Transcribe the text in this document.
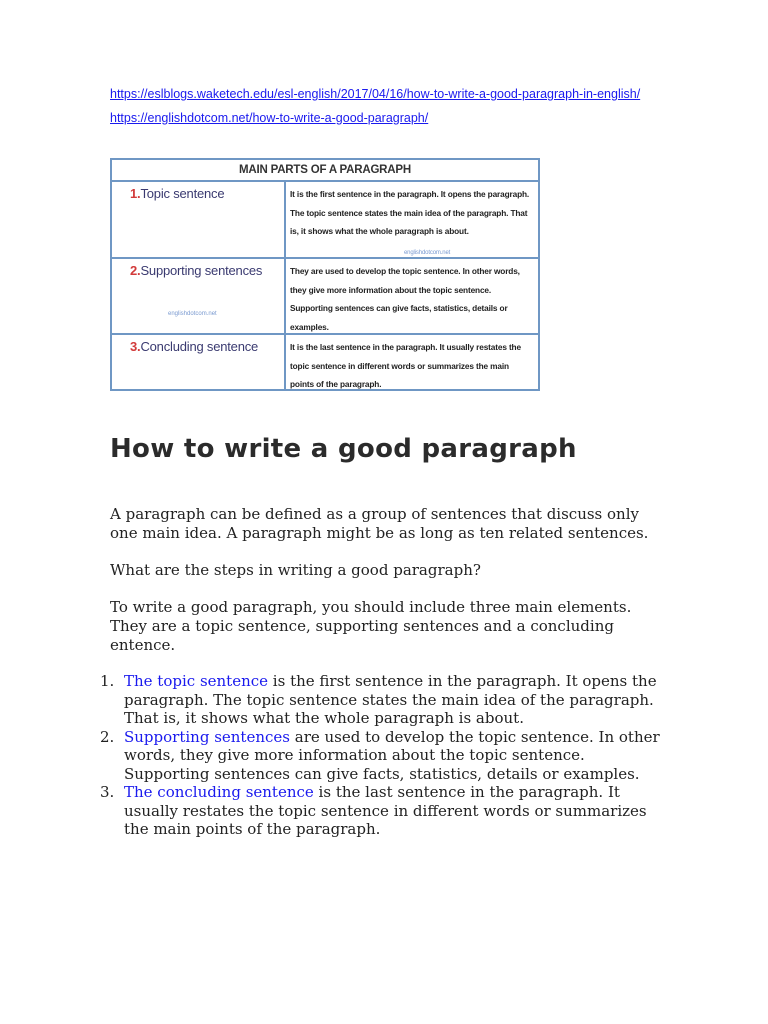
https://eslblogs.waketech.edu/esl-english/2017/04/16/how-to-write-a-good-paragraph-in-english/
https://englishdotcom.net/how-to-write-a-good-paragraph/
MAIN PARTS OF A PARAGRAPH
1.Topic sentence	It is the first sentence in the paragraph. It opens the paragraph. The topic sentence states the main idea of the paragraph. That is, it shows what the whole paragraph is about.
englishdotcom.net
2.Supporting sentences
englishdotcom.net
They are used to develop the topic sentence. In other words, they give more information about the topic sentence. Supporting sentences can give facts, statistics, details or examples.
3.Concluding sentence	It is the last sentence in the paragraph. It usually restates the topic sentence in different words or summarizes the main points of the paragraph.
How to write a good paragraph
A paragraph can be defined as a group of sentences that discuss only one main idea. A paragraph might be as long as ten related sentences.
What are the steps in writing a good paragraph?
To write a good paragraph, you should include three main elements. They are a topic sentence, supporting sentences and a concluding entence.
1. The topic sentence is the first sentence in the paragraph. It opens the paragraph. The topic sentence states the main idea of the paragraph. That is, it shows what the whole paragraph is about.
2. Supporting sentences are used to develop the topic sentence. In other words, they give more information about the topic sentence. Supporting sentences can give facts, statistics, details or examples.
3. The concluding sentence is the last sentence in the paragraph. It usually restates the topic sentence in different words or summarizes the main points of the paragraph.
